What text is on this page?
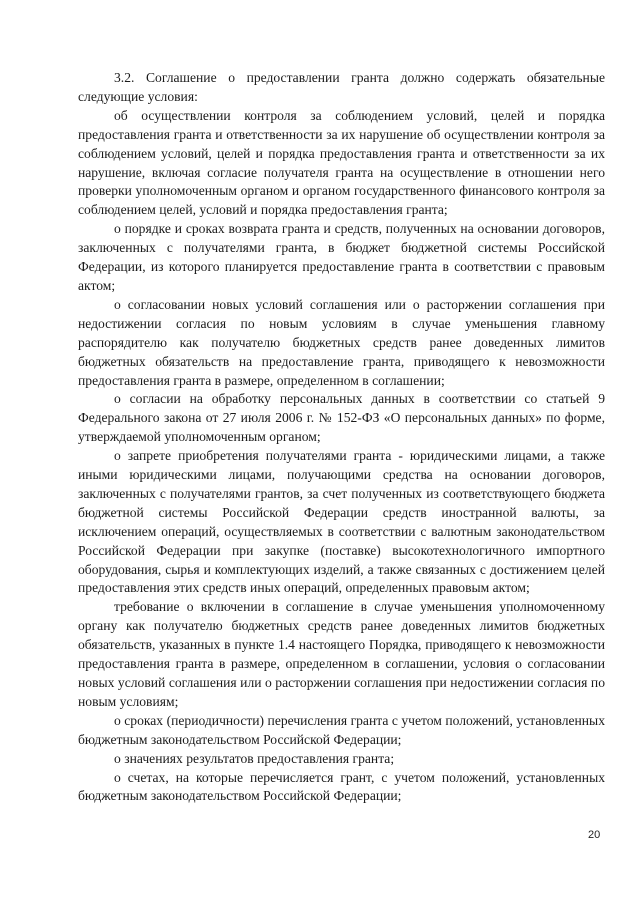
3.2. Соглашение о предоставлении гранта должно содержать обязательные следующие условия:

об осуществлении контроля за соблюдением условий, целей и порядка предоставления гранта и ответственности за их нарушение об осуществлении контроля за соблюдением условий, целей и порядка предоставления гранта и ответственности за их нарушение, включая согласие получателя гранта на осуществление в отношении него проверки уполномоченным органом и органом государственного финансового контроля за соблюдением целей, условий и порядка предоставления гранта;

о порядке и сроках возврата гранта и средств, полученных на основании договоров, заключенных с получателями гранта, в бюджет бюджетной системы Российской Федерации, из которого планируется предоставление гранта в соответствии с правовым актом;

о согласовании новых условий соглашения или о расторжении соглашения при недостижении согласия по новым условиям в случае уменьшения главному распорядителю как получателю бюджетных средств ранее доведенных лимитов бюджетных обязательств на предоставление гранта, приводящего к невозможности предоставления гранта в размере, определенном в соглашении;

о согласии на обработку персональных данных в соответствии со статьей 9 Федерального закона от 27 июля 2006 г. № 152-ФЗ «О персональных данных» по форме, утверждаемой уполномоченным органом;

о запрете приобретения получателями гранта - юридическими лицами, а также иными юридическими лицами, получающими средства на основании договоров, заключенных с получателями грантов, за счет полученных из соответствующего бюджета бюджетной системы Российской Федерации средств иностранной валюты, за исключением операций, осуществляемых в соответствии с валютным законодательством Российской Федерации при закупке (поставке) высокотехнологичного импортного оборудования, сырья и комплектующих изделий, а также связанных с достижением целей предоставления этих средств иных операций, определенных правовым актом;

требование о включении в соглашение в случае уменьшения уполномоченному органу как получателю бюджетных средств ранее доведенных лимитов бюджетных обязательств, указанных в пункте 1.4 настоящего Порядка, приводящего к невозможности предоставления гранта в размере, определенном в соглашении, условия о согласовании новых условий соглашения или о расторжении соглашения при недостижении согласия по новым условиям;

о сроках (периодичности) перечисления гранта с учетом положений, установленных бюджетным законодательством Российской Федерации;

о значениях результатов предоставления гранта;

о счетах, на которые перечисляется грант, с учетом положений, установленных бюджетным законодательством Российской Федерации;

20
